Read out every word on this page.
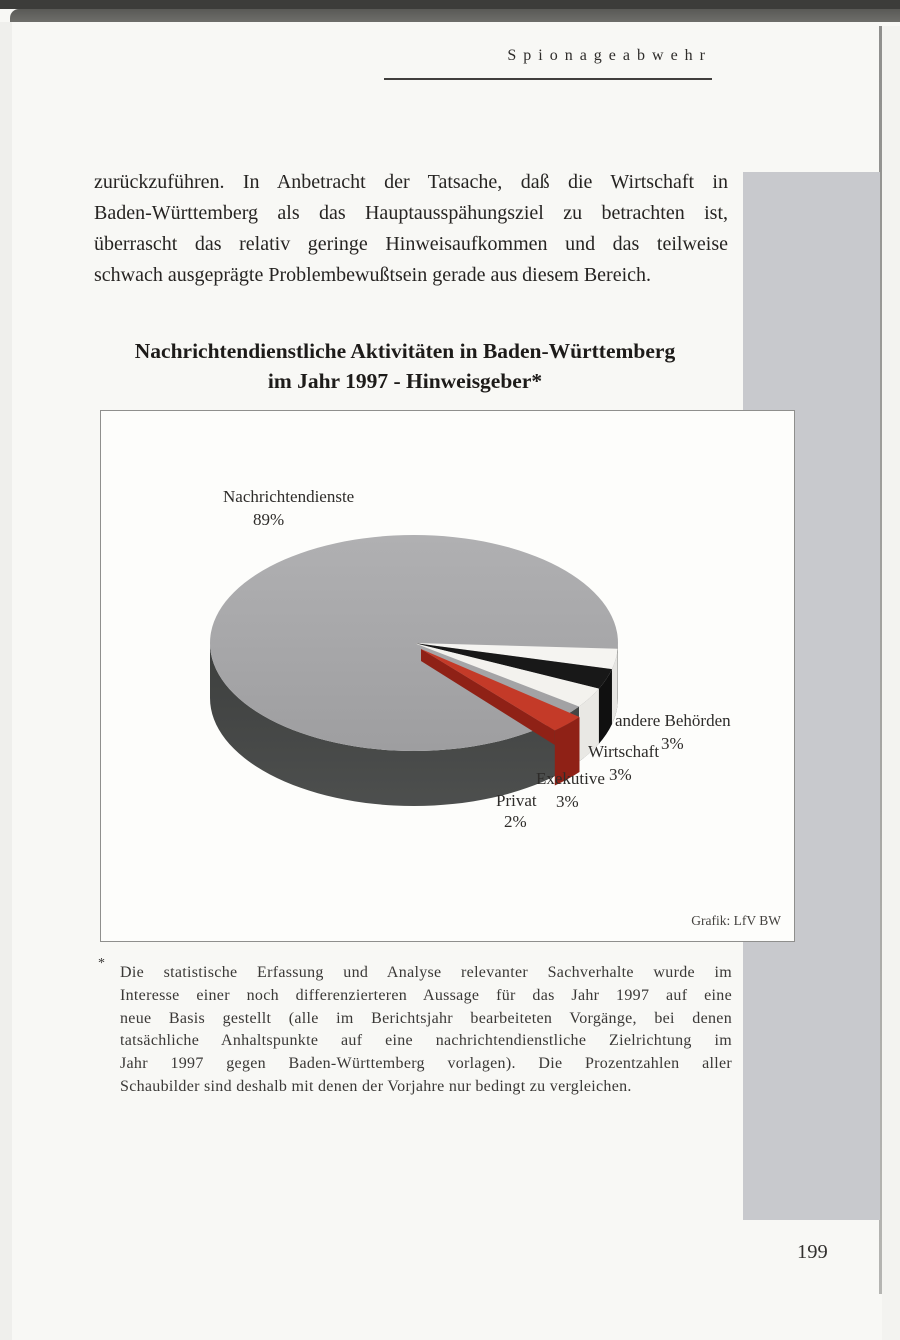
Spionageabwehr
zurückzuführen. In Anbetracht der Tatsache, daß die Wirtschaft in
Baden-Württemberg als das Hauptausspähungsziel zu betrachten ist,
überrascht das relativ geringe Hinweisaufkommen und das teilweise
schwach ausgeprägte Problembewußtsein gerade aus diesem Bereich.
Nachrichtendienstliche Aktivitäten in Baden-Württemberg
im Jahr 1997 - Hinweisgeber*
Nachrichtendienste
89%
andere Behörden
3%
Wirtschaft
3%
Exekutive
3%
Privat
2%
Grafik: LfV BW
*
Die statistische Erfassung und Analyse relevanter Sachverhalte wurde im
Interesse einer noch differenzierteren Aussage für das Jahr 1997 auf eine
neue Basis gestellt (alle im Berichtsjahr bearbeiteten Vorgänge, bei denen
tatsächliche Anhaltspunkte auf eine nachrichtendienstliche Zielrichtung im
Jahr 1997 gegen Baden-Württemberg vorlagen). Die Prozentzahlen aller
Schaubilder sind deshalb mit denen der Vorjahre nur bedingt zu vergleichen.
199
